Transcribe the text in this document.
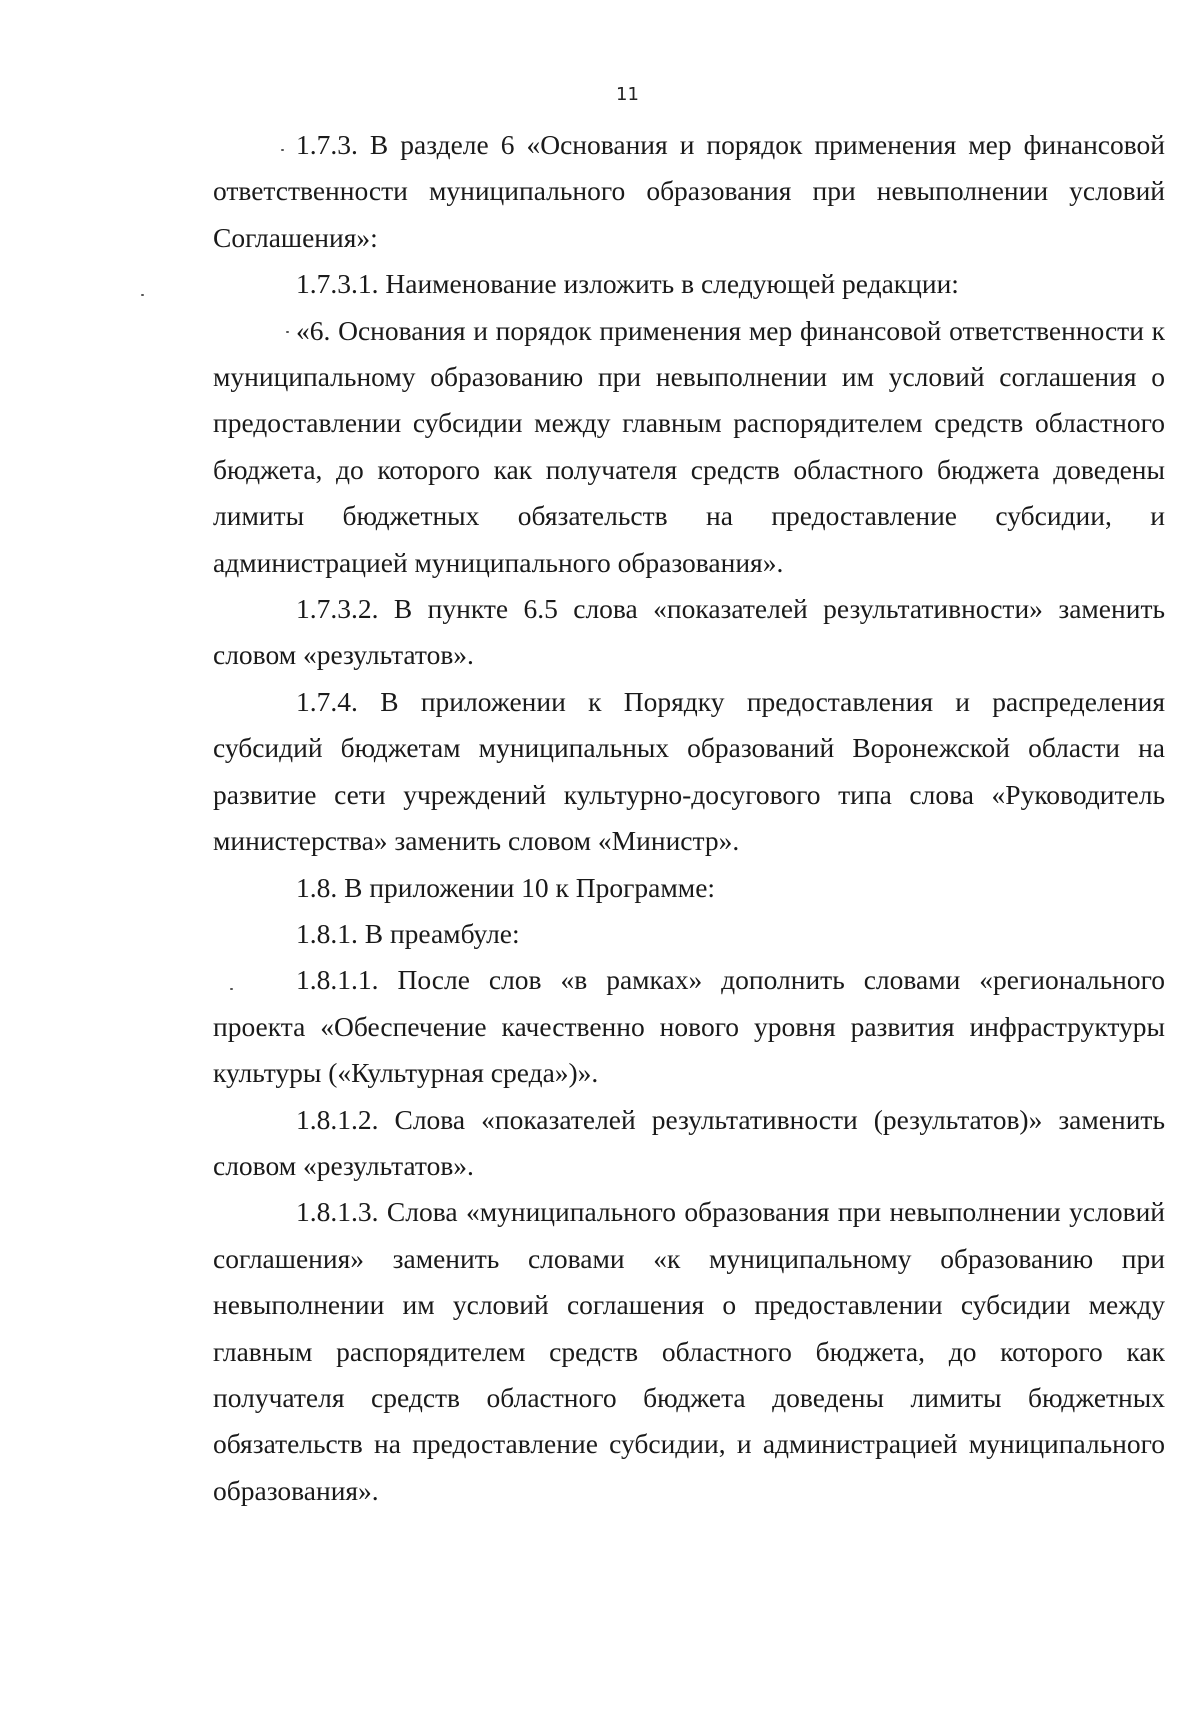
11

1.7.3. В разделе 6 «Основания и порядок применения мер финансовой ответственности муниципального образования при невыполнении условий Соглашения»:

1.7.3.1. Наименование изложить в следующей редакции:

«6. Основания и порядок применения мер финансовой ответственности к муниципальному образованию при невыполнении им условий соглашения о предоставлении субсидии между главным распорядителем средств областного бюджета, до которого как получателя средств областного бюджета доведены лимиты бюджетных обязательств на предоставление субсидии, и администрацией муниципального образования».

1.7.3.2. В пункте 6.5 слова «показателей результативности» заменить словом «результатов».

1.7.4. В приложении к Порядку предоставления и распределения субсидий бюджетам муниципальных образований Воронежской области на развитие сети учреждений культурно-досугового типа слова «Руководитель министерства» заменить словом «Министр».

1.8. В приложении 10 к Программе:

1.8.1. В преамбуле:

1.8.1.1. После слов «в рамках» дополнить словами «регионального проекта «Обеспечение качественно нового уровня развития инфраструктуры культуры («Культурная среда»)».

1.8.1.2. Слова «показателей результативности (результатов)» заменить словом «результатов».

1.8.1.3. Слова «муниципального образования при невыполнении условий соглашения» заменить словами «к муниципальному образованию при невыполнении им условий соглашения о предоставлении субсидии между главным распорядителем средств областного бюджета, до которого как получателя средств областного бюджета доведены лимиты бюджетных обязательств на предоставление субсидии, и администрацией муниципального образования».
